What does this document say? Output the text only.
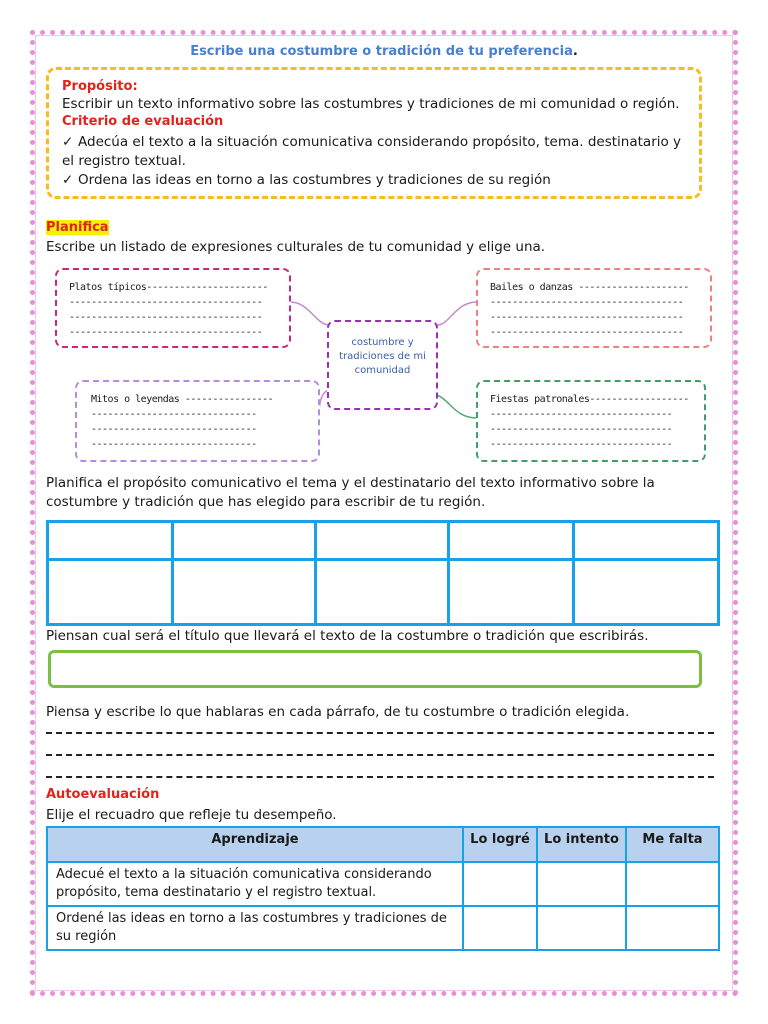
Escribe una costumbre o tradición de tu preferencia.
Propósito:
Escribir un texto informativo sobre las costumbres y tradiciones de mi comunidad o región.
Criterio de evaluación
✓ Adecúa el texto a la situación comunicativa considerando propósito, tema. destinatario y el registro textual.
✓ Ordena las ideas en torno a las costumbres y tradiciones de su región
Planifica
Escribe un listado de expresiones culturales de tu comunidad y elige una.
Platos típicos----------------------
-----------------------------------
-----------------------------------
-----------------------------------
Bailes o danzas --------------------
-----------------------------------
-----------------------------------
-----------------------------------
costumbre y tradiciones de mi comunidad
Mitos o leyendas ----------------
------------------------------
------------------------------
------------------------------
Fiestas patronales------------------
---------------------------------
---------------------------------
---------------------------------
Planifica el propósito comunicativo el tema y el destinatario del texto informativo sobre la costumbre y tradición que has elegido para escribir de tu región.

Piensan cual será el título que llevará el texto de la costumbre o tradición que escribirás.
Piensa y escribe lo que hablaras en cada párrafo, de tu costumbre o tradición elegida.
Autoevaluación
Elije el recuadro que refleje tu desempeño.
Aprendizaje	Lo logré	Lo intento	Me falta
Adecué el texto a la situación comunicativa considerando propósito, tema destinatario y el registro textual.			
Ordené las ideas en torno a las costumbres y tradiciones de su región			
